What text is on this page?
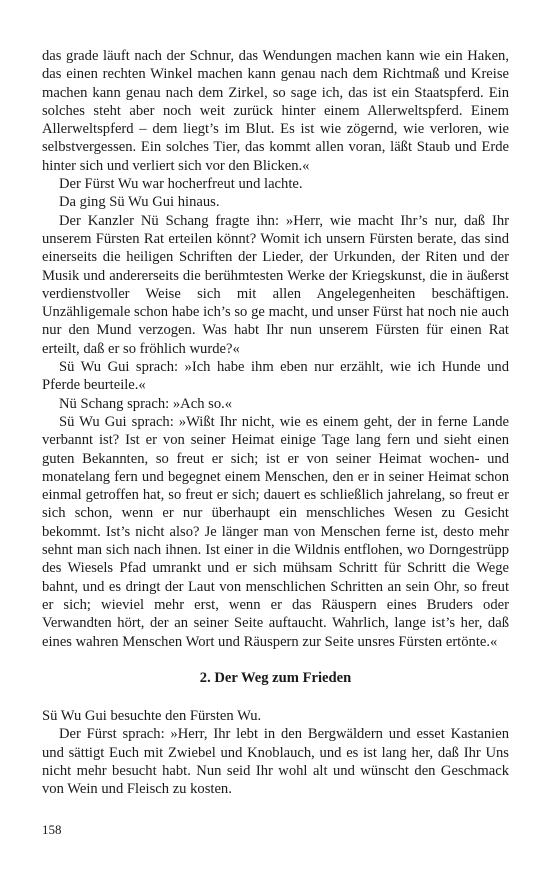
das grade läuft nach der Schnur, das Wendungen machen kann wie ein Haken, das einen rechten Winkel machen kann genau nach dem Richtmaß und Kreise machen kann genau nach dem Zirkel, so sage ich, das ist ein Staatspferd. Ein solches steht aber noch weit zurück hinter einem Allerweltspferd. Einem Allerweltspferd – dem liegt’s im Blut. Es ist wie zögernd, wie verloren, wie selbstvergessen. Ein solches Tier, das kommt allen voran, läßt Staub und Erde hinter sich und verliert sich vor den Blicken.«

Der Fürst Wu war hocherfreut und lachte.

Da ging Sü Wu Gui hinaus.

Der Kanzler Nü Schang fragte ihn: »Herr, wie macht Ihr’s nur, daß Ihr unserem Fürsten Rat erteilen könnt? Womit ich unsern Fürsten berate, das sind einerseits die heiligen Schriften der Lieder, der Urkunden, der Riten und der Musik und andererseits die berühmtesten Werke der Kriegskunst, die in äußerst verdienstvoller Weise sich mit allen Angelegenheiten beschäftigen. Unzähligemale schon habe ich’s so ge macht, und unser Fürst hat noch nie auch nur den Mund verzogen. Was habt Ihr nun unserem Fürsten für einen Rat erteilt, daß er so fröhlich wurde?«

Sü Wu Gui sprach: »Ich habe ihm eben nur erzählt, wie ich Hunde und Pferde beurteile.«

Nü Schang sprach: »Ach so.«

Sü Wu Gui sprach: »Wißt Ihr nicht, wie es einem geht, der in ferne Lande verbannt ist? Ist er von seiner Heimat einige Tage lang fern und sieht einen guten Bekannten, so freut er sich; ist er von seiner Heimat wochen- und monatelang fern und begegnet einem Menschen, den er in seiner Heimat schon einmal getroffen hat, so freut er sich; dauert es schließlich jahrelang, so freut er sich schon, wenn er nur überhaupt ein menschliches Wesen zu Gesicht bekommt. Ist’s nicht also? Je länger man von Menschen ferne ist, desto mehr sehnt man sich nach ihnen. Ist einer in die Wildnis entflohen, wo Dorngestrüpp des Wiesels Pfad umrankt und er sich mühsam Schritt für Schritt die Wege bahnt, und es dringt der Laut von menschlichen Schritten an sein Ohr, so freut er sich; wieviel mehr erst, wenn er das Räuspern eines Bruders oder Verwandten hört, der an seiner Seite auftaucht. Wahrlich, lange ist’s her, daß eines wahren Menschen Wort und Räuspern zur Seite unsres Fürsten ertönte.«

2. Der Weg zum Frieden

Sü Wu Gui besuchte den Fürsten Wu.

Der Fürst sprach: »Herr, Ihr lebt in den Bergwäldern und esset Kastanien und sättigt Euch mit Zwiebel und Knoblauch, und es ist lang her, daß Ihr Uns nicht mehr besucht habt. Nun seid Ihr wohl alt und wünscht den Geschmack von Wein und Fleisch zu kosten.

158
